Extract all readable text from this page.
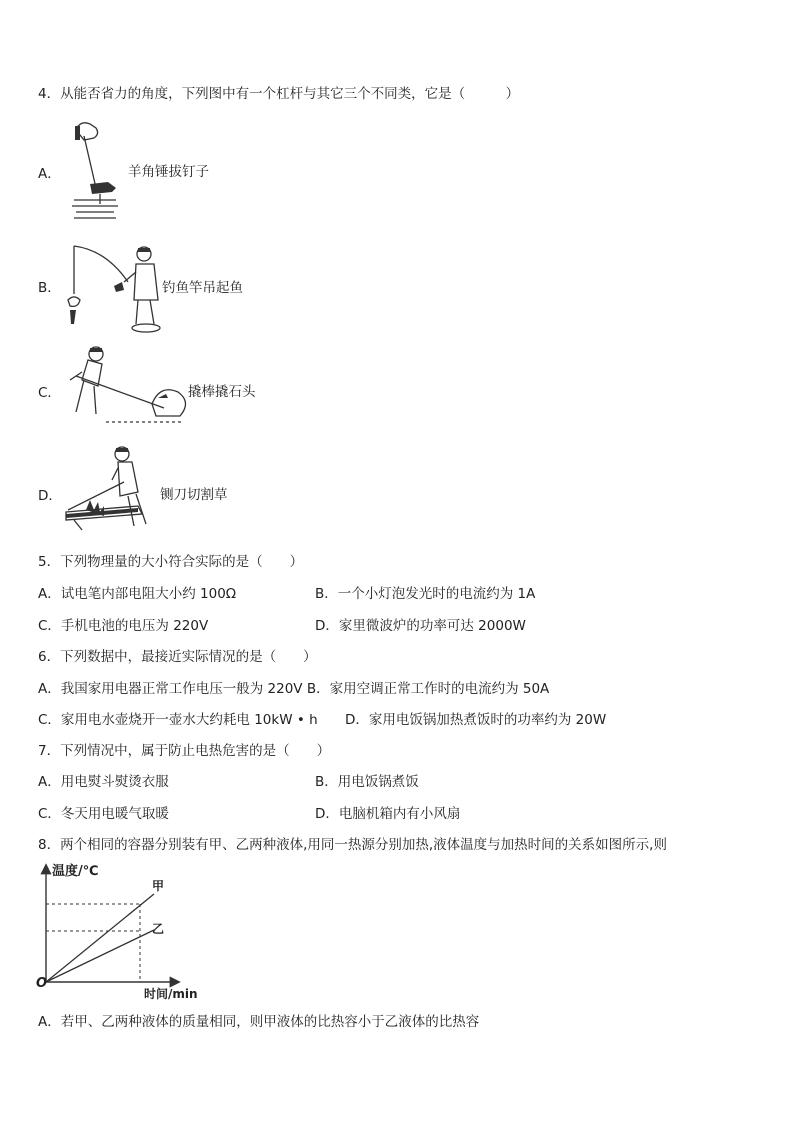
4．从能否省力的角度，下列图中有一个杠杆与其它三个不同类，它是（　　　）
A．	羊角锤拔钉子
B．	钓鱼竿吊起鱼
C．	撬棒撬石头
D．	铡刀切割草
5．下列物理量的大小符合实际的是（　　）
A．试电笔内部电阻大小约 100Ω	B．一个小灯泡发光时的电流约为 1A
C．手机电池的电压为 220V	D．家里微波炉的功率可达 2000W
6．下列数据中，最接近实际情况的是（　　）
A．我国家用电器正常工作电压一般为 220V B．家用空调正常工作时的电流约为 50A
C．家用电水壶烧开一壶水大约耗电 10kW • h D．家用电饭锅加热煮饭时的功率约为 20W
7．下列情况中，属于防止电热危害的是（　　）
A．用电熨斗熨烫衣服	B．用电饭锅煮饭
C．冬天用电暖气取暖	D．电脑机箱内有小风扇
8．两个相同的容器分别装有甲、乙两种液体,用同一热源分别加热,液体温度与加热时间的关系如图所示,则
温度/℃
甲
乙
O
时间/min
A．若甲、乙两种液体的质量相同，则甲液体的比热容小于乙液体的比热容
